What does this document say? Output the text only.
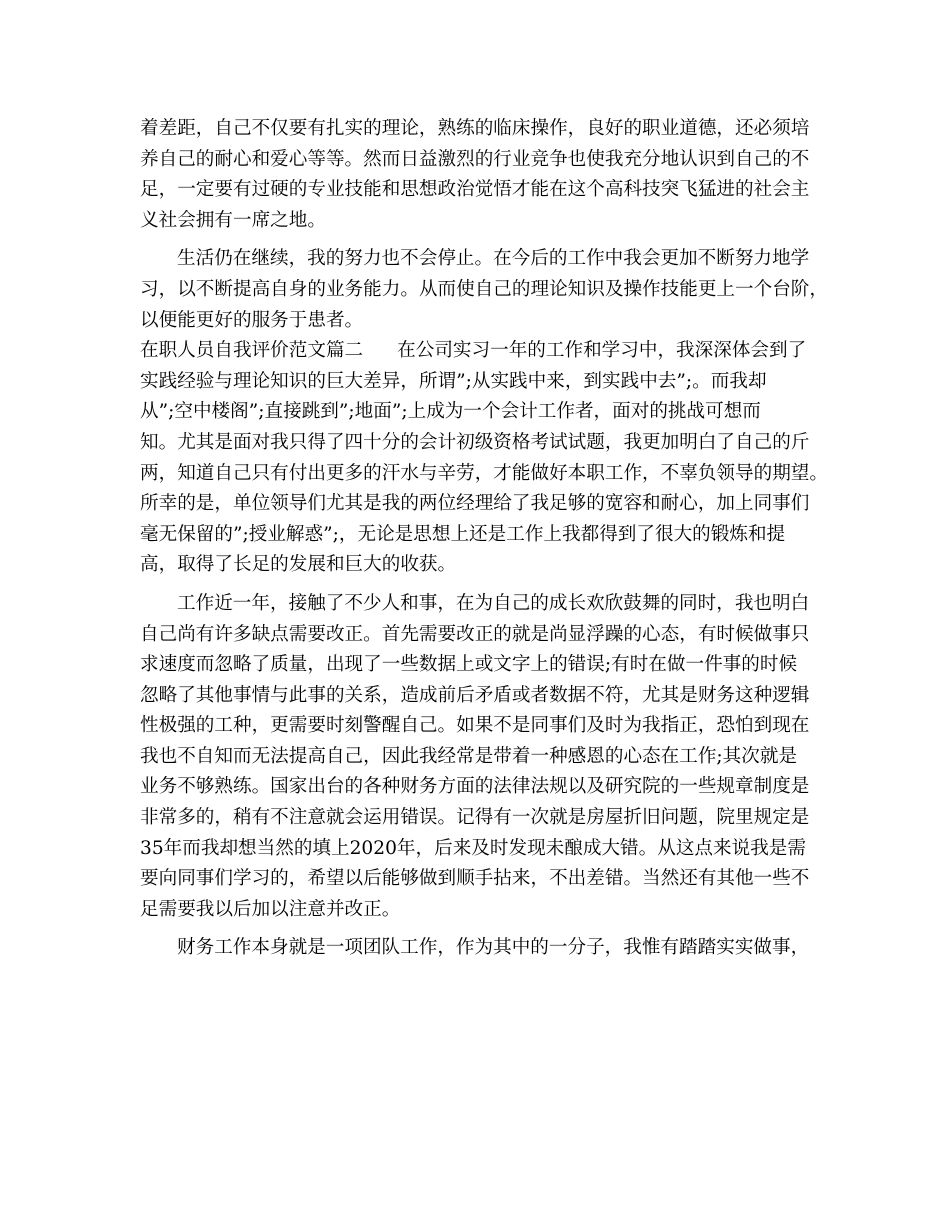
着差距，自己不仅要有扎实的理论，熟练的临床操作，良好的职业道德，还必须培
养自己的耐心和爱心等等。然而日益激烈的行业竞争也使我充分地认识到自己的不
足，一定要有过硬的专业技能和思想政治觉悟才能在这个高科技突飞猛进的社会主
义社会拥有一席之地。
生活仍在继续，我的努力也不会停止。在今后的工作中我会更加不断努力地学
习，以不断提高自身的业务能力。从而使自己的理论知识及操作技能更上一个台阶，
以便能更好的服务于患者。
在职人员自我评价范文篇二 在公司实习一年的工作和学习中，我深深体会到了
实践经验与理论知识的巨大差异，所谓”;从实践中来，到实践中去”;。而我却
从”;空中楼阁”;直接跳到”;地面”;上成为一个会计工作者，面对的挑战可想而
知。尤其是面对我只得了四十分的会计初级资格考试试题，我更加明白了自己的斤
两，知道自己只有付出更多的汗水与辛劳，才能做好本职工作，不辜负领导的期望。
所幸的是，单位领导们尤其是我的两位经理给了我足够的宽容和耐心，加上同事们
毫无保留的”;授业解惑”;，无论是思想上还是工作上我都得到了很大的锻炼和提
高，取得了长足的发展和巨大的收获。
工作近一年，接触了不少人和事，在为自己的成长欢欣鼓舞的同时，我也明白
自己尚有许多缺点需要改正。首先需要改正的就是尚显浮躁的心态，有时候做事只
求速度而忽略了质量，出现了一些数据上或文字上的错误;有时在做一件事的时候
忽略了其他事情与此事的关系，造成前后矛盾或者数据不符，尤其是财务这种逻辑
性极强的工种，更需要时刻警醒自己。如果不是同事们及时为我指正，恐怕到现在
我也不自知而无法提高自己，因此我经常是带着一种感恩的心态在工作;其次就是
业务不够熟练。国家出台的各种财务方面的法律法规以及研究院的一些规章制度是
非常多的，稍有不注意就会运用错误。记得有一次就是房屋折旧问题，院里规定是
35年而我却想当然的填上2020年，后来及时发现未酿成大错。从这点来说我是需
要向同事们学习的，希望以后能够做到顺手拈来，不出差错。当然还有其他一些不
足需要我以后加以注意并改正。
财务工作本身就是一项团队工作，作为其中的一分子，我惟有踏踏实实做事，
